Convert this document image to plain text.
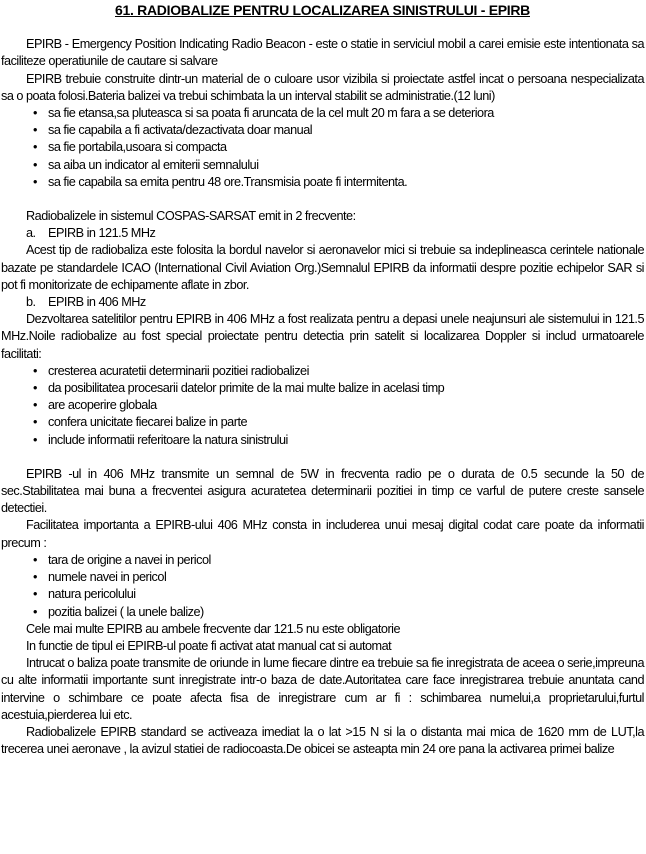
61. RADIOBALIZE PENTRU LOCALIZAREA SINISTRULUI - EPIRB

EPIRB - Emergency Position Indicating Radio Beacon - este o statie in serviciul mobil a carei emisie este intentionata sa faciliteze operatiunile de cautare si salvare

EPIRB trebuie construite dintr-un material de o culoare usor vizibila si proiectate astfel incat o persoana nespecializata sa o poata folosi.Bateria balizei va trebui schimbata la un interval stabilit se administratie.(12 luni)

• sa fie etansa,sa pluteasca si sa poata fi aruncata de la cel mult 20 m fara a se deteriora
• sa fie capabila a fi activata/dezactivata doar manual
• sa fie portabila,usoara si compacta
• sa aiba un indicator al emiterii semnalului
• sa fie capabila sa emita pentru 48 ore.Transmisia poate fi intermitenta.

Radiobalizele in sistemul COSPAS-SARSAT emit in 2 frecvente:

a. EPIRB in 121.5 MHz

Acest tip de radiobaliza este folosita la bordul navelor si aeronavelor mici si trebuie sa indeplineasca cerintele nationale bazate pe standardele ICAO (International Civil Aviation Org.)Semnalul EPIRB da informatii despre pozitie echipelor SAR si pot fi monitorizate de echipamente aflate in zbor.

b. EPIRB in 406 MHz

Dezvoltarea satelitilor pentru EPIRB in 406 MHz a fost realizata pentru a depasi unele neajunsuri ale sistemului in 121.5 MHz.Noile radiobalize au fost special proiectate pentru detectia prin satelit si localizarea Doppler si includ urmatoarele facilitati:

• cresterea acuratetii determinarii pozitiei radiobalizei
• da posibilitatea procesarii datelor primite de la mai multe balize in acelasi timp
• are acoperire globala
• confera unicitate fiecarei balize in parte
• include informatii referitoare la natura sinistrului

EPIRB -ul in 406 MHz transmite un semnal de 5W in frecventa radio pe o durata de 0.5 secunde la 50 de sec.Stabilitatea mai buna a frecventei asigura acuratetea determinarii pozitiei in timp ce varful de putere creste sansele detectiei.

Facilitatea importanta a EPIRB-ului 406 MHz consta in includerea unui mesaj digital codat care poate da informatii precum :

• tara de origine a navei in pericol
• numele navei in pericol
• natura pericolului
• pozitia balizei ( la unele balize)

Cele mai multe EPIRB au ambele frecvente dar 121.5 nu este obligatorie

In functie de tipul ei EPIRB-ul poate fi activat atat manual cat si automat

Intrucat o baliza poate transmite de oriunde in lume fiecare dintre ea trebuie sa fie inregistrata de aceea o serie,impreuna cu alte informatii importante sunt inregistrate intr-o baza de date.Autoritatea care face inregistrarea trebuie anuntata cand intervine o schimbare ce poate afecta fisa de inregistrare cum ar fi : schimbarea numelui,a proprietarului,furtul acestuia,pierderea lui etc.

Radiobalizele EPIRB standard se activeaza imediat la o lat >15 N si la o distanta mai mica de 1620 mm de LUT,la trecerea unei aeronave , la avizul statiei de radiocoasta.De obicei se asteapta min 24 ore pana la activarea primei balize
